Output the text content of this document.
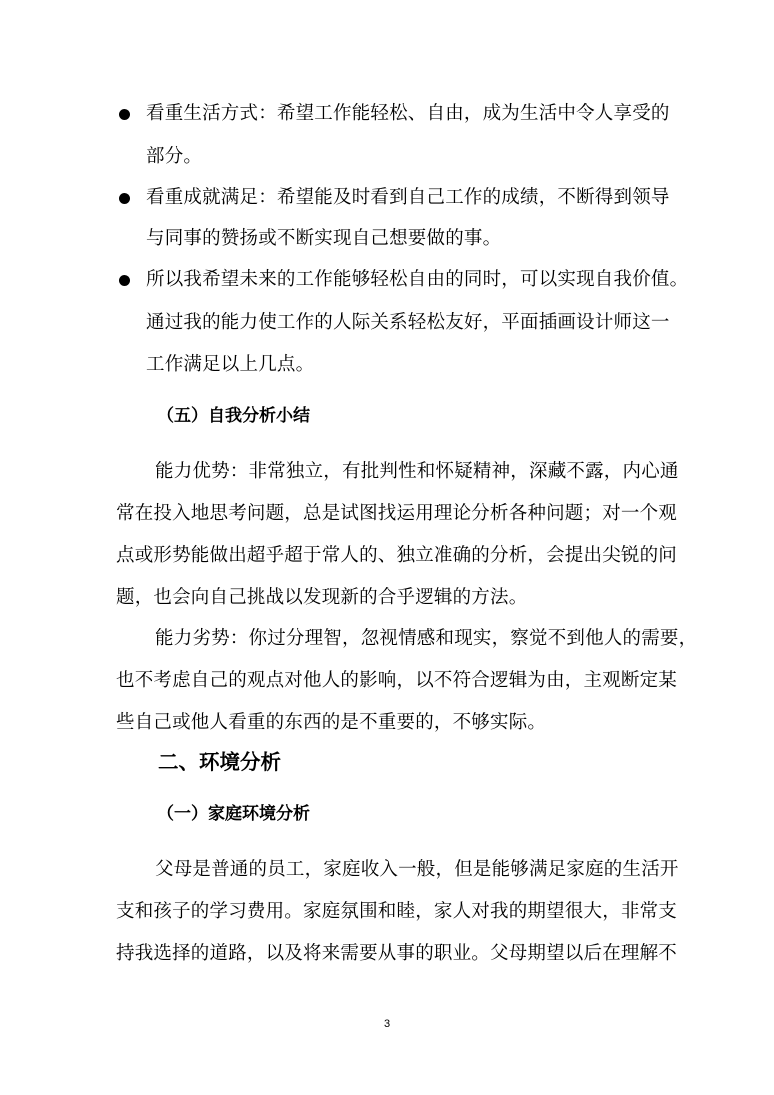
看重生活方式：希望工作能轻松、自由，成为生活中令人享受的
部分。
看重成就满足：希望能及时看到自己工作的成绩，不断得到领导
与同事的赞扬或不断实现自己想要做的事。
所以我希望未来的工作能够轻松自由的同时，可以实现自我价值。
通过我的能力使工作的人际关系轻松友好，平面插画设计师这一
工作满足以上几点。
（五）自我分析小结
能力优势：非常独立，有批判性和怀疑精神，深藏不露，内心通
常在投入地思考问题，总是试图找运用理论分析各种问题；对一个观
点或形势能做出超乎超于常人的、独立准确的分析，会提出尖锐的问
题，也会向自己挑战以发现新的合乎逻辑的方法。
能力劣势：你过分理智，忽视情感和现实，察觉不到他人的需要，
也不考虑自己的观点对他人的影响，以不符合逻辑为由，主观断定某
些自己或他人看重的东西的是不重要的，不够实际。
二、环境分析
（一）家庭环境分析
父母是普通的员工，家庭收入一般，但是能够满足家庭的生活开
支和孩子的学习费用。家庭氛围和睦，家人对我的期望很大，非常支
持我选择的道路，以及将来需要从事的职业。父母期望以后在理解不
3
